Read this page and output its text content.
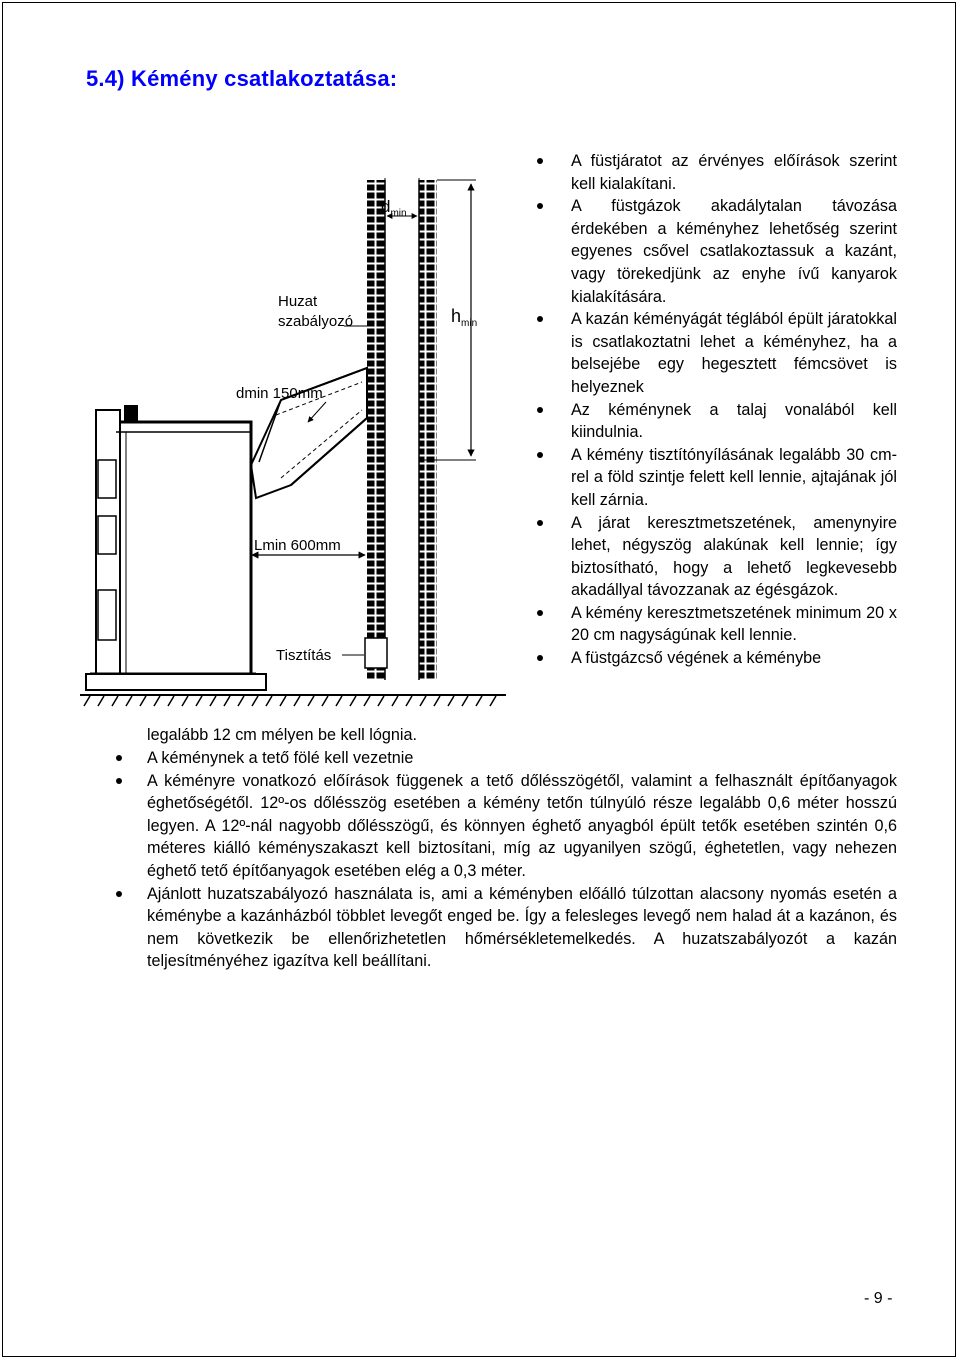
5.4) Kémény csatlakoztatása:
$d_{min}$
$h_{min}$
Huzat
szabályozó
dmin 150mm
Lmin 600mm
Tisztítás
A füstjáratot az érvényes előírások szerint kell kialakítani.
A füstgázok akadálytalan távozása érdekében a kéményhez lehetőség szerint egyenes csővel csatlakoztassuk a kazánt, vagy törekedjünk az enyhe ívű kanyarok kialakítására.
A kazán kéményágát téglából épült járatokkal is csatlakoztatni lehet a kéményhez, ha a belsejébe egy hegesztett fémcsövet is helyeznek
Az kéménynek a talaj vonalából kell kiindulnia.
A kémény tisztítónyílásának legalább 30 cm-rel a föld szintje felett kell lennie, ajtajának jól kell zárnia.
A járat keresztmetszetének, amenynyire lehet, négyszög alakúnak kell lennie; így biztosítható, hogy a lehető legkevesebb akadállyal távozzanak az égésgázok.
A kémény keresztmetszetének minimum 20 x 20 cm nagyságúnak kell lennie.
A füstgázcső végének a kéménybe
legalább 12 cm mélyen be kell lógnia.
A kéménynek a tető fölé kell vezetnie
A kéményre vonatkozó előírások függenek a tető dőlésszögétől, valamint a felhasznált építőanyagok éghetőségétől. 12º-os dőlésszög esetében a kémény tetőn túlnyúló része legalább 0,6 méter hosszú legyen. A 12º-nál nagyobb dőlésszögű, és könnyen éghető anyagból épült tetők esetében szintén 0,6 méteres kiálló kéményszakaszt kell biztosítani, míg az ugyanilyen szögű, éghetetlen, vagy nehezen éghető tető építőanyagok esetében elég a 0,3 méter.
Ajánlott huzatszabályozó használata is, ami a kéményben előálló túlzottan alacsony nyomás esetén a kéménybe a kazánházból többlet levegőt enged be. Így a felesleges levegő nem halad át a kazánon, és nem következik be ellenőrizhetetlen hőmérsékletemelkedés. A huzatszabályozót a kazán teljesítményéhez igazítva kell beállítani.
- 9 -
